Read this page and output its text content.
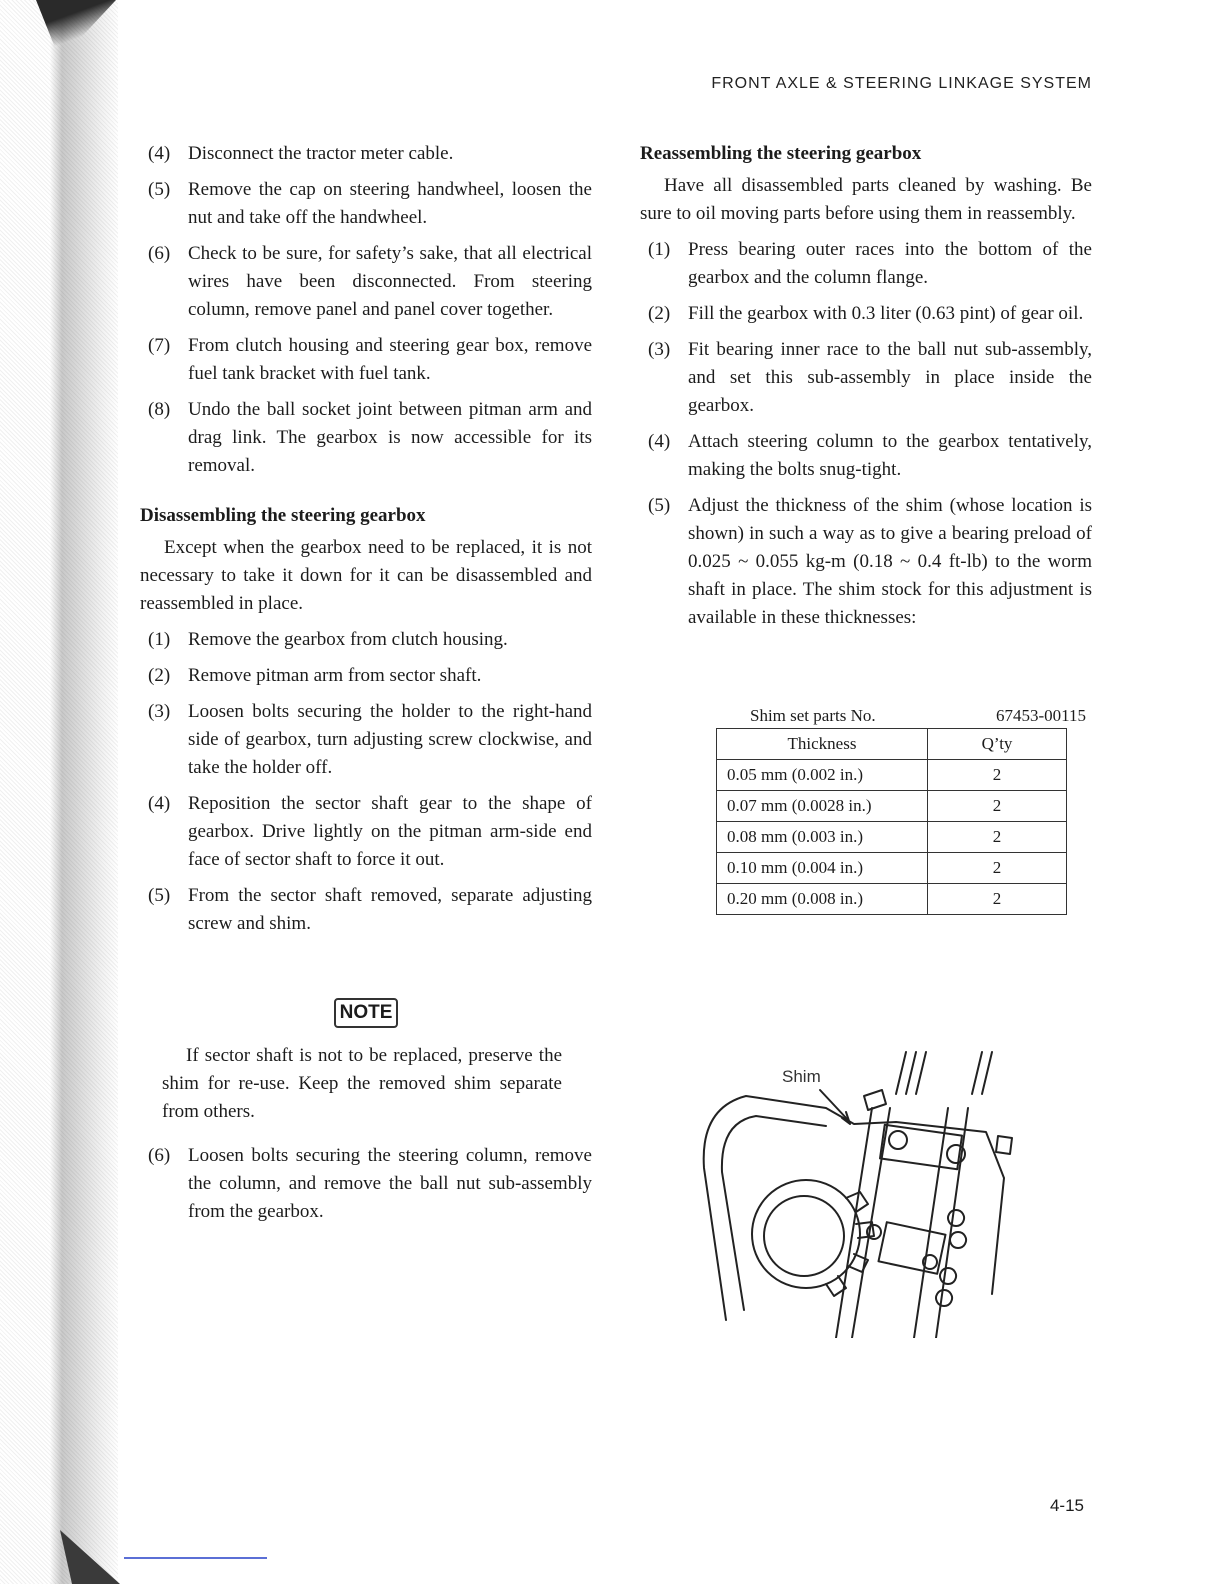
FRONT AXLE & STEERING LINKAGE SYSTEM
(4) Disconnect the tractor meter cable.
(5) Remove the cap on steering handwheel, loosen the nut and take off the handwheel.
(6) Check to be sure, for safety’s sake, that all electrical wires have been disconnected. From steering column, remove panel and panel cover together.
(7) From clutch housing and steering gear box, remove fuel tank bracket with fuel tank.
(8) Undo the ball socket joint between pitman arm and drag link. The gearbox is now accessible for its removal.
Disassembling the steering gearbox
Except when the gearbox need to be replaced, it is not necessary to take it down for it can be disassembled and reassembled in place.
(1) Remove the gearbox from clutch housing.
(2) Remove pitman arm from sector shaft.
(3) Loosen bolts securing the holder to the right-hand side of gearbox, turn adjusting screw clockwise, and take the holder off.
(4) Reposition the sector shaft gear to the shape of gearbox. Drive lightly on the pitman arm-side end face of sector shaft to force it out.
(5) From the sector shaft removed, separate adjusting screw and shim.
NOTE
If sector shaft is not to be replaced, preserve the shim for re-use. Keep the removed shim separate from others.
(6) Loosen bolts securing the steering column, remove the column, and remove the ball nut sub-assembly from the gearbox.
Reassembling the steering gearbox
Have all disassembled parts cleaned by washing. Be sure to oil moving parts before using them in reassembly.
(1) Press bearing outer races into the bottom of the gearbox and the column flange.
(2) Fill the gearbox with 0.3 liter (0.63 pint) of gear oil.
(3) Fit bearing inner race to the ball nut sub-assembly, and set this sub-assembly in place inside the gearbox.
(4) Attach steering column to the gearbox tentatively, making the bolts snug-tight.
(5) Adjust the thickness of the shim (whose location is shown) in such a way as to give a bearing preload of 0.025 ~ 0.055 kg-m (0.18 ~ 0.4 ft-lb) to the worm shaft in place. The shim stock for this adjustment is available in these thicknesses:
Shim set parts No.	67453-00115
Thickness	Q’ty
0.05 mm (0.002 in.)	2
0.07 mm (0.0028 in.)	2
0.08 mm (0.003 in.)	2
0.10 mm (0.004 in.)	2
0.20 mm (0.008 in.)	2
Shim
4-15
